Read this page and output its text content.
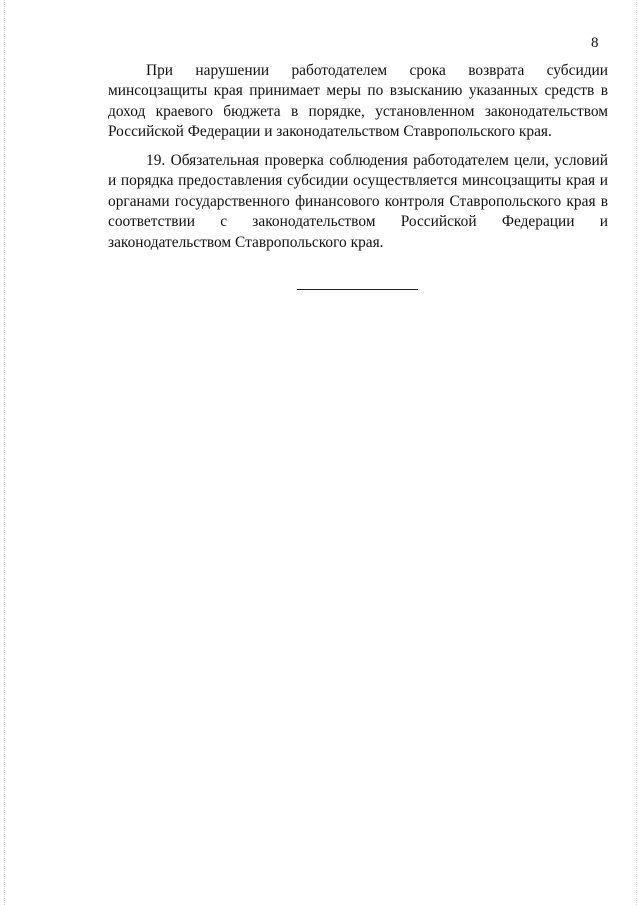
8

При нарушении работодателем срока возврата субсидии минсоцзащиты края принимает меры по взысканию указанных средств в доход краевого бюджета в порядке, установленном законодательством Российской Федерации и законодательством Ставропольского края.

19. Обязательная проверка соблюдения работодателем цели, условий и порядка предоставления субсидии осуществляется минсоцзащиты края и органами государственного финансового контроля Ставропольского края в соответствии с законодательством Российской Федерации и законодательством Ставропольского края.
